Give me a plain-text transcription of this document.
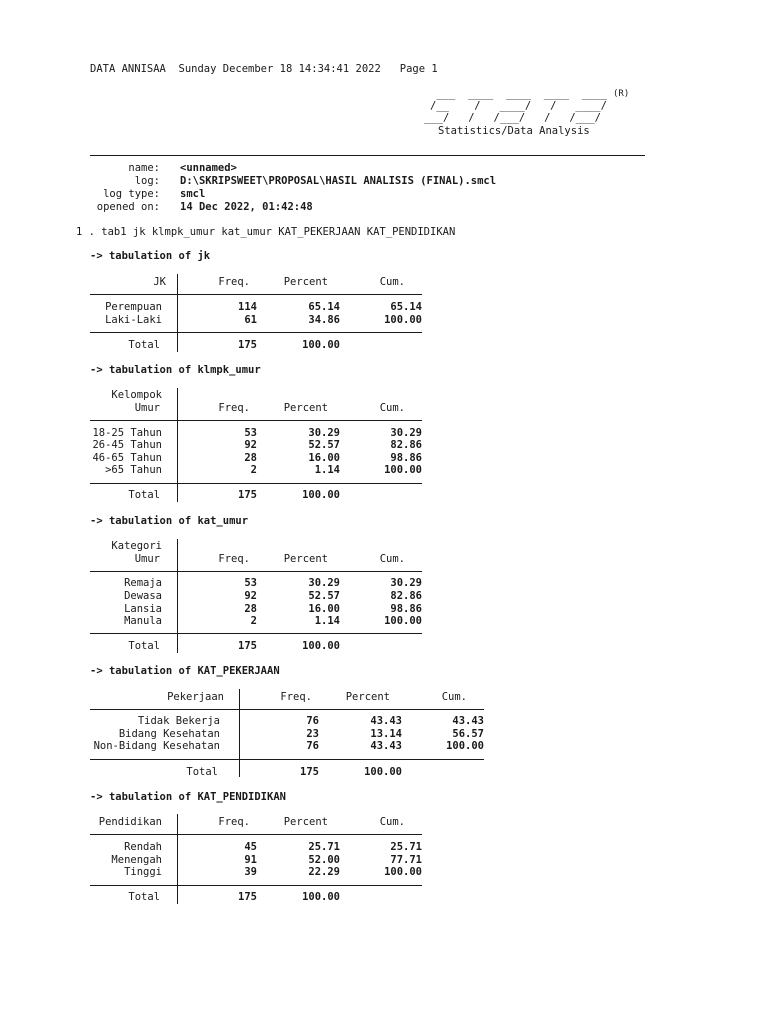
DATA ANNISAA  Sunday December 18 14:34:41 2022   Page 1
___  ____  ____  ____  ____
/__    /   ____/   /   ____/
___/   /   /___/   /   /___/
(R)
Statistics/Data Analysis
name: <unnamed>
log: D:\SKRIPSWEET\PROPOSAL\HASIL ANALISIS (FINAL).smcl
log type: smcl
opened on: 14 Dec 2022, 01:42:48
1 . tab1 jk klmpk_umur kat_umur KAT_PEKERJAAN KAT_PENDIDIKAN
-> tabulation of jk
JK	Freq.	Percent	Cum.
Perempuan	114	65.14	65.14
Laki-Laki	61	34.86	100.00
Total	175	100.00
-> tabulation of klmpk_umur
Kelompok
Umur	Freq.	Percent	Cum.
18-25 Tahun	53	30.29	30.29
26-45 Tahun	92	52.57	82.86
46-65 Tahun	28	16.00	98.86
>65 Tahun	2	1.14	100.00
Total	175	100.00
-> tabulation of kat_umur
Kategori
Umur	Freq.	Percent	Cum.
Remaja	53	30.29	30.29
Dewasa	92	52.57	82.86
Lansia	28	16.00	98.86
Manula	2	1.14	100.00
Total	175	100.00
-> tabulation of KAT_PEKERJAAN
Pekerjaan	Freq.	Percent	Cum.
Tidak Bekerja	76	43.43	43.43
Bidang Kesehatan	23	13.14	56.57
Non-Bidang Kesehatan	76	43.43	100.00
Total	175	100.00
-> tabulation of KAT_PENDIDIKAN
Pendidikan	Freq.	Percent	Cum.
Rendah	45	25.71	25.71
Menengah	91	52.00	77.71
Tinggi	39	22.29	100.00
Total	175	100.00
